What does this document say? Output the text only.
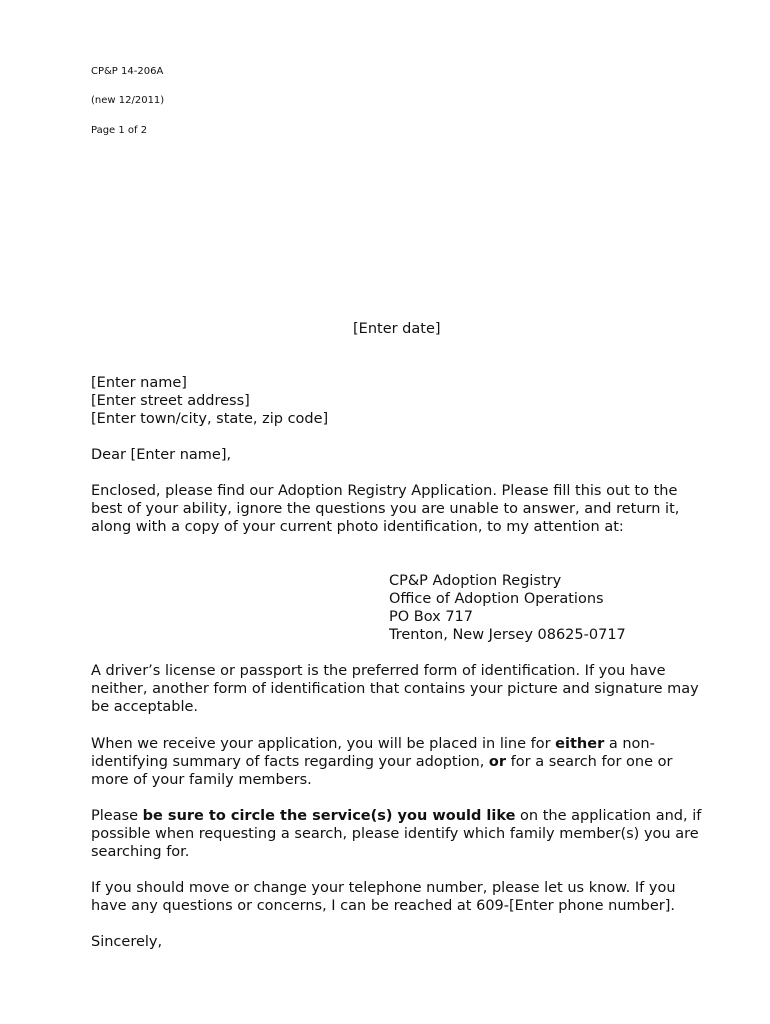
CP&P 14-206A

(new 12/2011)

Page 1 of 2

[Enter date]

[Enter name]

[Enter street address]

[Enter town/city, state, zip code]

Dear [Enter name],

Enclosed, please find our Adoption Registry Application. Please fill this out to the best of your ability, ignore the questions you are unable to answer, and return it, along with a copy of your current photo identification, to my attention at:

CP&P Adoption Registry

Office of Adoption Operations

PO Box 717

Trenton, New Jersey 08625-0717

A driver’s license or passport is the preferred form of identification. If you have neither, another form of identification that contains your picture and signature may be acceptable.

When we receive your application, you will be placed in line for either a non-identifying summary of facts regarding your adoption, or for a search for one or more of your family members.

Please be sure to circle the service(s) you would like on the application and, if possible when requesting a search, please identify which family member(s) you are searching for.

If you should move or change your telephone number, please let us know. If you have any questions or concerns, I can be reached at 609-[Enter phone number].

Sincerely,
